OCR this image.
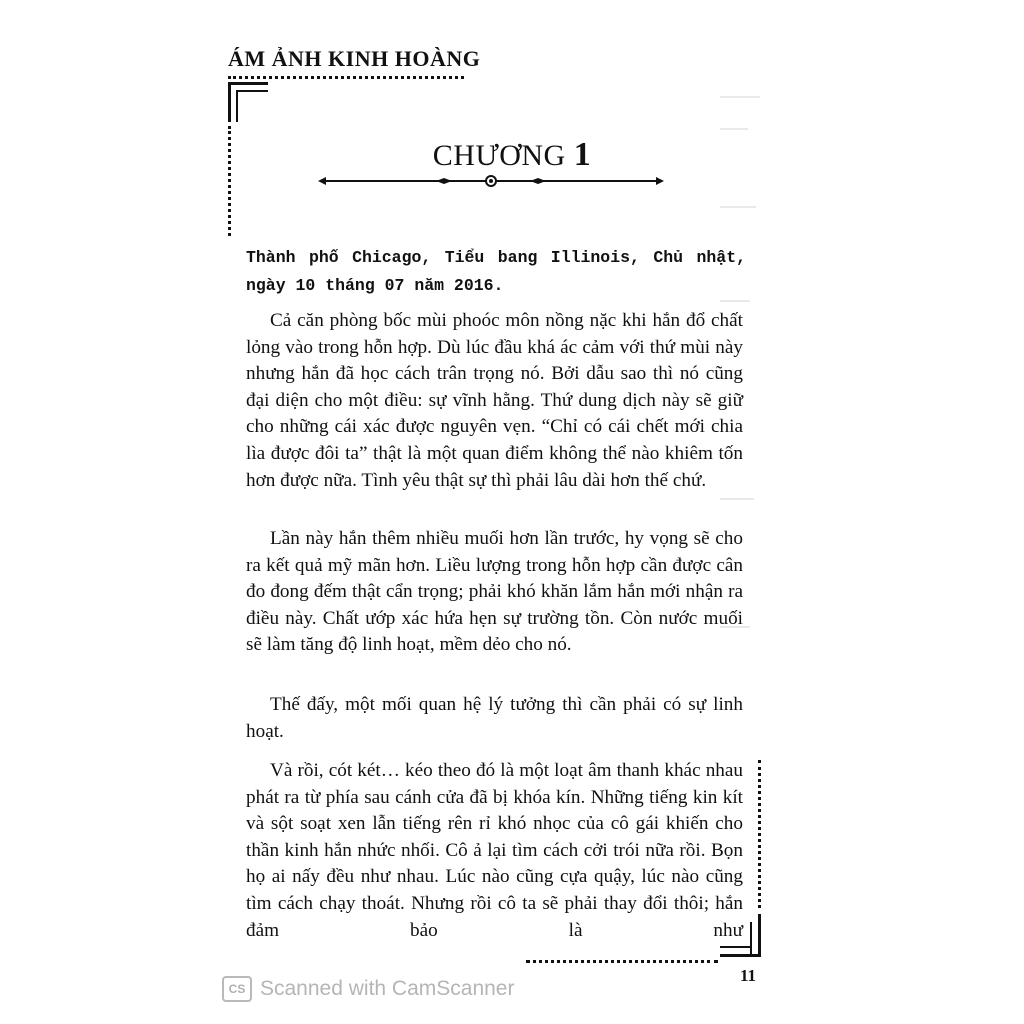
ÁM ẢNH KINH HOÀNG
CHƯƠNG 1
Thành phố Chicago, Tiểu bang Illinois, Chủ nhật, ngày 10 tháng 07 năm 2016.

Cả căn phòng bốc mùi phoóc môn nồng nặc khi hắn đổ chất lỏng vào trong hỗn hợp. Dù lúc đầu khá ác cảm với thứ mùi này nhưng hắn đã học cách trân trọng nó. Bởi dẫu sao thì nó cũng đại diện cho một điều: sự vĩnh hằng. Thứ dung dịch này sẽ giữ cho những cái xác được nguyên vẹn. “Chỉ có cái chết mới chia lìa được đôi ta” thật là một quan điểm không thể nào khiêm tốn hơn được nữa. Tình yêu thật sự thì phải lâu dài hơn thế chứ.

Lần này hắn thêm nhiều muối hơn lần trước, hy vọng sẽ cho ra kết quả mỹ mãn hơn. Liều lượng trong hỗn hợp cần được cân đo đong đếm thật cẩn trọng; phải khó khăn lắm hắn mới nhận ra điều này. Chất ướp xác hứa hẹn sự trường tồn. Còn nước muối sẽ làm tăng độ linh hoạt, mềm dẻo cho nó.

Thế đấy, một mối quan hệ lý tưởng thì cần phải có sự linh hoạt.

Và rồi, cót két… kéo theo đó là một loạt âm thanh khác nhau phát ra từ phía sau cánh cửa đã bị khóa kín. Những tiếng kin kít và sột soạt xen lẫn tiếng rên rỉ khó nhọc của cô gái khiến cho thần kinh hắn nhức nhối. Cô ả lại tìm cách cởi trói nữa rồi. Bọn họ ai nấy đều như nhau. Lúc nào cũng cựa quậy, lúc nào cũng tìm cách chạy thoát. Nhưng rồi cô ta sẽ phải thay đổi thôi; hắn đảm bảo là như

11
CS Scanned with CamScanner
